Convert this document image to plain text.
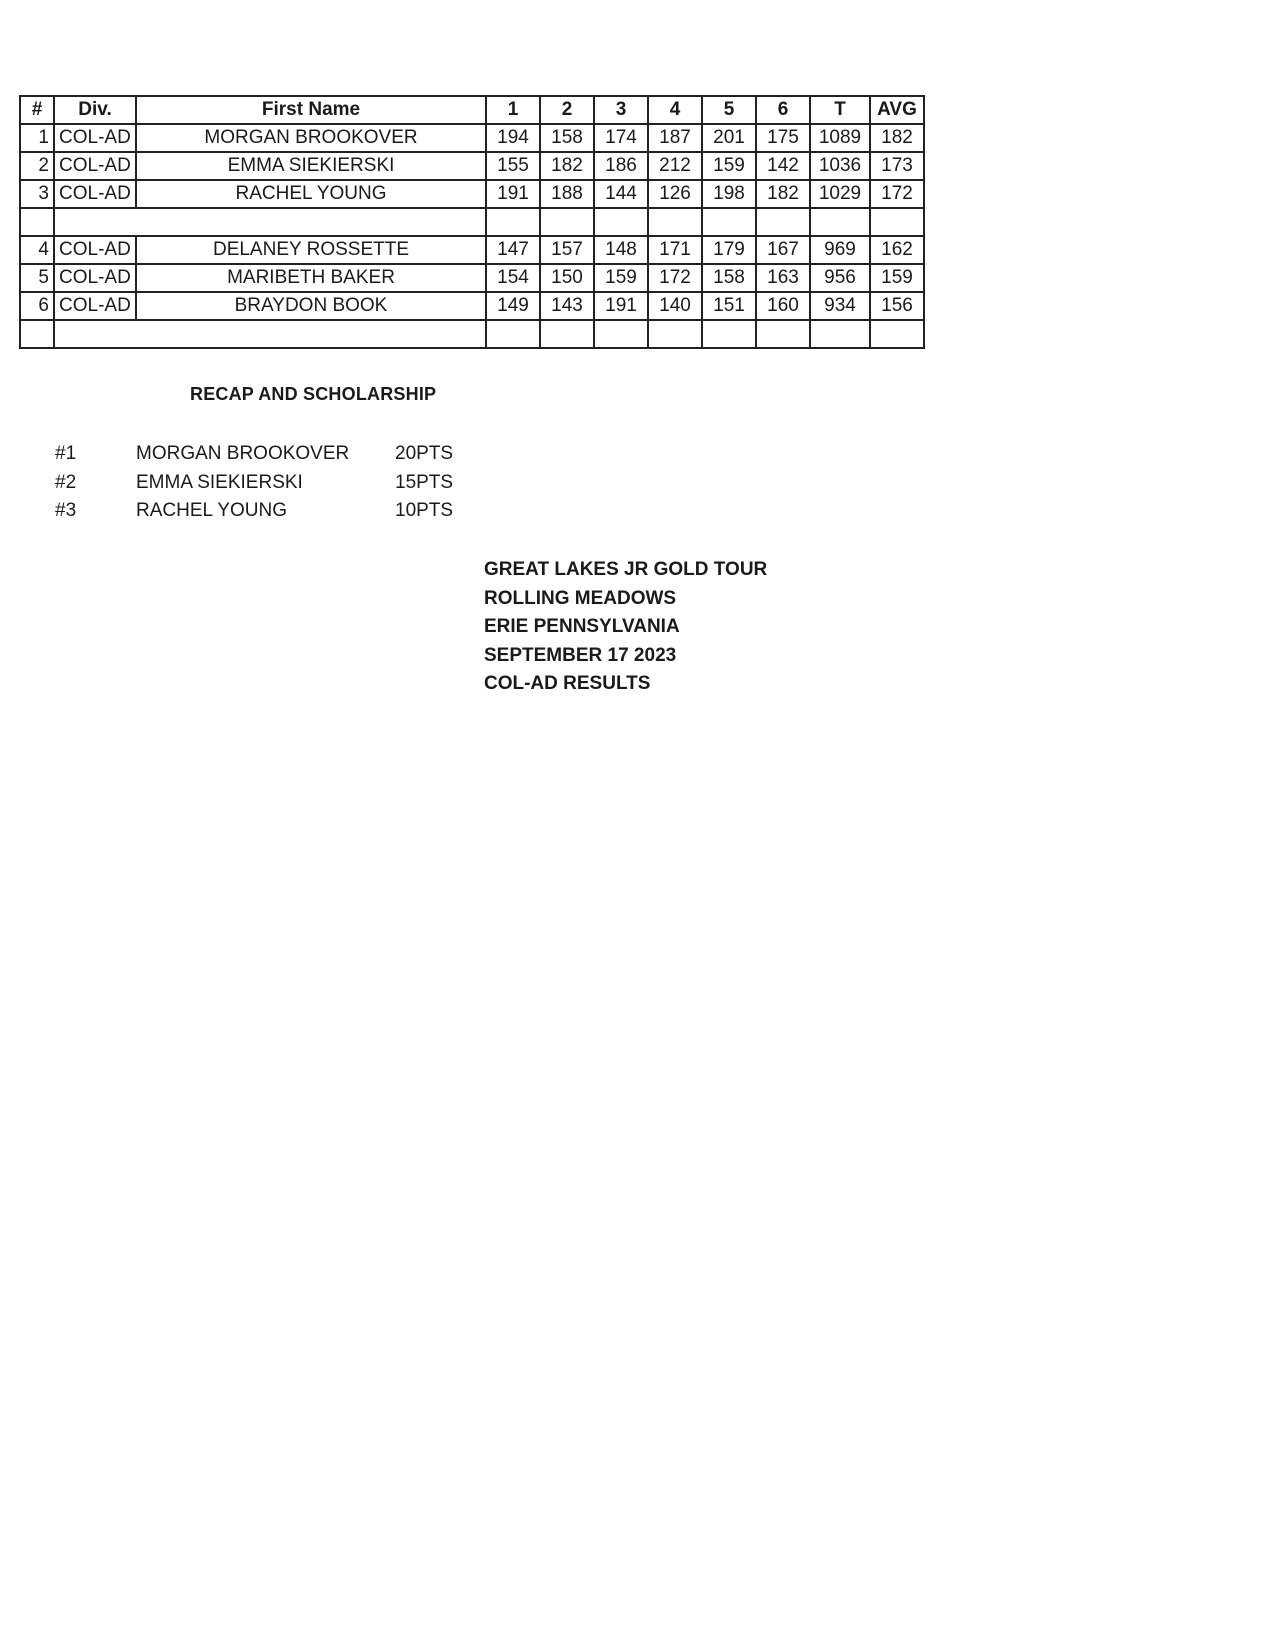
#	Div.	First Name	1	2	3	4	5	6	T	AVG
1	COL-AD	MORGAN BROOKOVER	194	158	174	187	201	175	1089	182
2	COL-AD	EMMA SIEKIERSKI	155	182	186	212	159	142	1036	173
3	COL-AD	RACHEL YOUNG	191	188	144	126	198	182	1029	172

4	COL-AD	DELANEY ROSSETTE	147	157	148	171	179	167	969	162
5	COL-AD	MARIBETH BAKER	154	150	159	172	158	163	956	159
6	COL-AD	BRAYDON BOOK	149	143	191	140	151	160	934	156

RECAP AND SCHOLARSHIP
#1	MORGAN BROOKOVER 20PTS
#2	EMMA SIEKIERSKI	15PTS
#3	RACHEL YOUNG	10PTS
GREAT LAKES JR GOLD TOUR
ROLLING MEADOWS
ERIE PENNSYLVANIA
SEPTEMBER 17 2023
COL-AD RESULTS
